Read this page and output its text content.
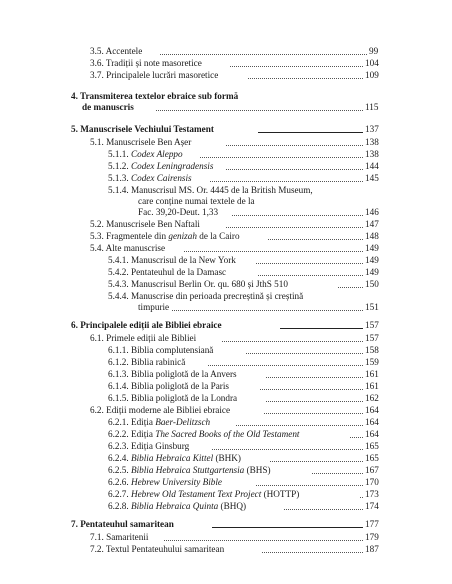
3.5. Accentele	99
3.6. Tradiții și note masoretice	104
3.7. Principalele lucrări masoretice	109
4. Transmiterea textelor ebraice sub formă
de manuscris	115
5. Manuscrisele Vechiului Testament	137
5.1. Manuscrisele Ben Așer	138
5.1.1. Codex Aleppo	138
5.1.2. Codex Leningradensis	144
5.1.3. Codex Cairensis	145
5.1.4. Manuscrisul MS. Or. 4445 de la British Museum,
care conține numai textele de la
Fac. 39,20-Deut. 1,33	146
5.2. Manuscrisele Ben Naftali	147
5.3. Fragmentele din genizah de la Cairo	148
5.4. Alte manuscrise	149
5.4.1. Manuscrisul de la New York	149
5.4.2. Pentateuhul de la Damasc	149
5.4.3. Manuscrisul Berlin Or. qu. 680 și JthS 510	150
5.4.4. Manuscrise din perioada precreștină și creștină
timpurie	151
6. Principalele ediții ale Bibliei ebraice	157
6.1. Primele ediții ale Bibliei	157
6.1.1. Biblia complutensiană	158
6.1.2. Biblia rabinică	159
6.1.3. Biblia poliglotă de la Anvers	161
6.1.4. Biblia poliglotă de la Paris	161
6.1.5. Biblia poliglotă de la Londra	162
6.2. Ediții moderne ale Bibliei ebraice	164
6.2.1. Ediția Baer-Delitzsch	164
6.2.2. Ediția The Sacred Books of the Old Testament	164
6.2.3. Ediția Ginsburg	165
6.2.4. Biblia Hebraica Kittel (BHK)	165
6.2.5. Biblia Hebraica Stuttgartensia (BHS)	167
6.2.6. Hebrew University Bible	170
6.2.7. Hebrew Old Testament Text Project (HOTTP)	173
6.2.8. Biblia Hebraica Quinta (BHQ)	174
7. Pentateuhul samaritean	177
7.1. Samaritenii	179
7.2. Textul Pentateuhului samaritean	187
